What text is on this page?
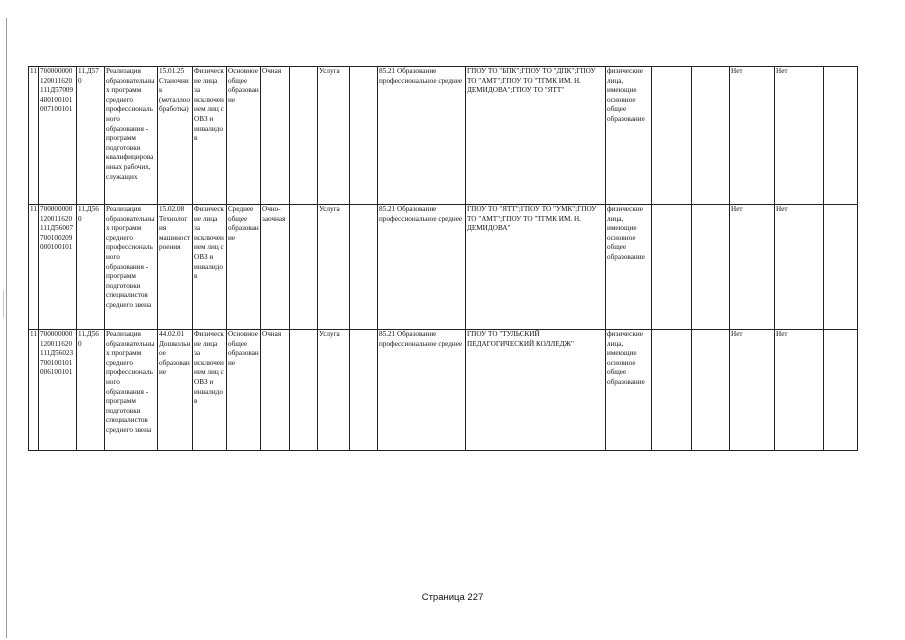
11	700000000 120011620 111Д57009 400100101 007100101	11.Д57 0	Реализация образовательных программ среднего профессионального образования - программ подготовки квалифицированных рабочих, служащих	15.01.25 Станочник (металлообработка)	Физические лица за исключением лиц с ОВЗ и инвалидов	Основное общее образование	Очная		Услуга		85.21 Образование профессиональное среднее	ГПОУ ТО "БПК";ГПОУ ТО "ДПК";ГПОУ ТО "АМТ";ГПОУ ТО "ТГМК ИМ. Н. ДЕМИДОВА";ГПОУ ТО "ЯТТ"	физические лица, имеющие основное общее образование			Нет	Нет	
11	700000000 120011620 111Д56007 700100209 000100101	11.Д56 0	Реализация образовательных программ среднего профессионального образования - программ подготовки специалистов среднего звена	15.02.08 Технология машиностроения	Физические лица за исключением лиц с ОВЗ и инвалидов	Среднее общее образование	Очно-заочная		Услуга		85.21 Образование профессиональное среднее	ГПОУ ТО "ЯТТ";ГПОУ ТО "УМК";ГПОУ ТО "АМТ";ГПОУ ТО "ТГМК ИМ. Н. ДЕМИДОВА"	физические лица, имеющие основное общее образование			Нет	Нет	
11	700000000 120011620 111Д56023 700100101 006100101	11.Д56 0	Реализация образовательных программ среднего профессионального образования - программ подготовки специалистов среднего звена	44.02.01 Дошкольное образование	Физические лица за исключением лиц с ОВЗ и инвалидов	Основное общее образование	Очная		Услуга		85.21 Образование профессиональное среднее	ГПОУ ТО "ТУЛЬСКИЙ ПЕДАГОГИЧЕСКИЙ КОЛЛЕДЖ"	физические лица, имеющие основное общее образование			Нет	Нет	
Страница 227
